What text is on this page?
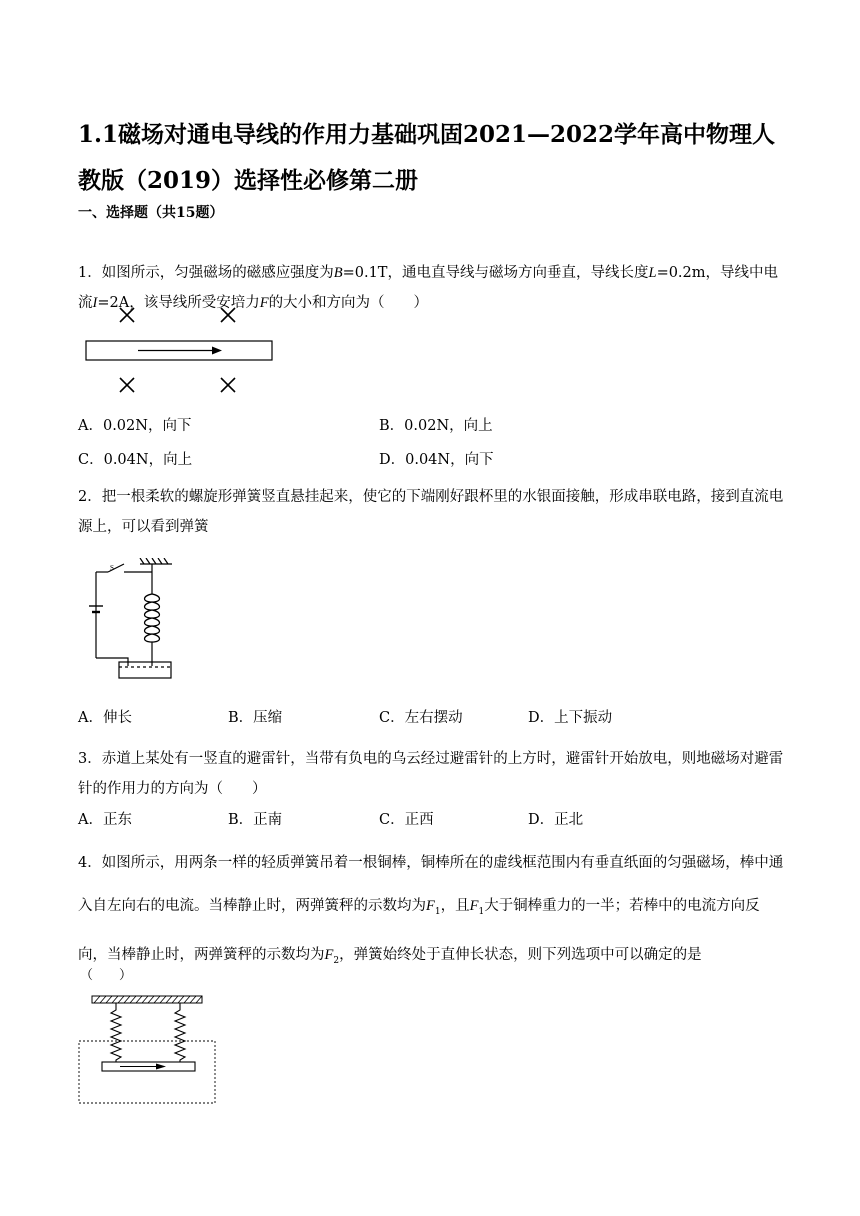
1.1磁场对通电导线的作用力基础巩固2021—2022学年高中物理人教版（2019）选择性必修第二册
一、选择题（共15题）
1．如图所示，匀强磁场的磁感应强度为B=0.1T，通电直导线与磁场方向垂直，导线长度L=0.2m，导线中电流I=2A，该导线所受安培力F的大小和方向为（　　）
A．0.02N，向下	B．0.02N，向上
C．0.04N，向上	D．0.04N，向下
2．把一根柔软的螺旋形弹簧竖直悬挂起来，使它的下端刚好跟杯里的水银面接触，形成串联电路，接到直流电源上，可以看到弹簧
S
A．伸长	B．压缩	C．左右摆动	D．上下振动
3．赤道上某处有一竖直的避雷针，当带有负电的乌云经过避雷针的上方时，避雷针开始放电，则地磁场对避雷针的作用力的方向为（　　）
A．正东	B．正南	C．正西	D．正北
4．如图所示，用两条一样的轻质弹簧吊着一根铜棒，铜棒所在的虚线框范围内有垂直纸面的匀强磁场，棒中通入自左向右的电流。当棒静止时，两弹簧秤的示数均为$F_1$，且$F_1$大于铜棒重力的一半；若棒中的电流方向反向，当棒静止时，两弹簧秤的示数均为$F_2$，弹簧始终处于直伸长状态，则下列选项中可以确定的是
（　　）
